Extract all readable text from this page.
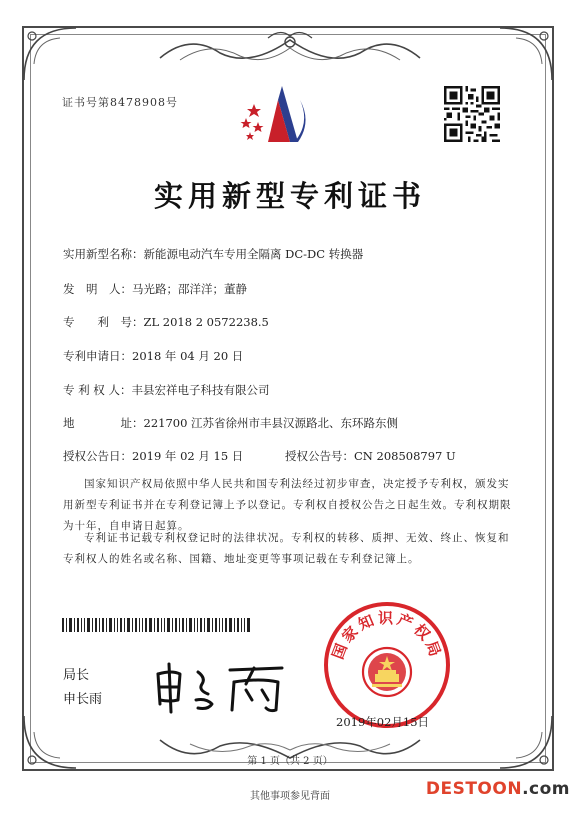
证书号第8478908号
实用新型专利证书
实用新型名称：新能源电动汽车专用全隔离 DC-DC 转换器
发　明　人：马光路；邵洋洋；董静
专　　利　号：ZL 2018 2 0572238.5
专利申请日：2018 年 04 月 20 日
专 利 权 人：丰县宏祥电子科技有限公司
地　　　　址：221700 江苏省徐州市丰县汉源路北、东环路东侧
授权公告日：2019 年 02 月 15 日	授权公告号：CN 208508797 U
国家知识产权局依照中华人民共和国专利法经过初步审查，决定授予专利权，颁发实用新型专利证书并在专利登记簿上予以登记。专利权自授权公告之日起生效。专利权期限为十年，自申请日起算。
专利证书记载专利权登记时的法律状况。专利权的转移、质押、无效、终止、恢复和专利权人的姓名或名称、国籍、地址变更等事项记载在专利登记簿上。
局长
申长雨
国家知识产权局
2019年02月15日
第 1 页（共 2 页）
其他事项参见背面	DESTOON.com
